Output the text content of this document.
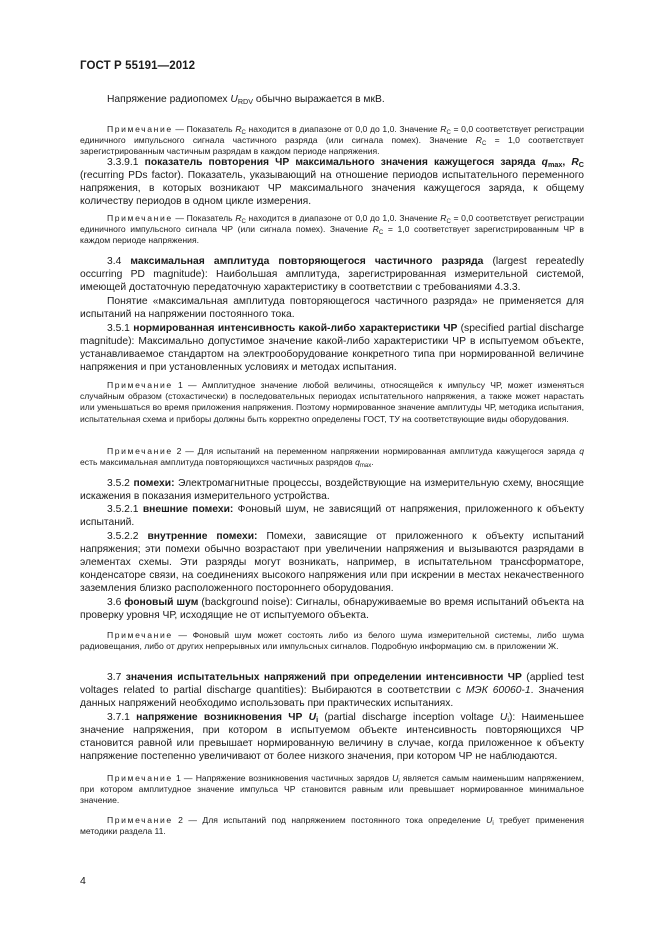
ГОСТ Р 55191—2012
Напряжение радиопомех $U_{RDV}$ обычно выражается в мкВ.
Примечание — Показатель $R_C$ находится в диапазоне от 0,0 до 1,0. Значение $R_C = 0,0$ соответствует регистрации единичного импульсного сигнала частичного разряда (или сигнала помех). Значение $R_C = 1,0$ соответствует зарегистрированным частичным разрядам в каждом периоде напряжения.
3.3.9.1 показатель повторения ЧР максимального значения кажущегося заряда $q_{max}$, $R_C$ (recurring PDs factor). Показатель, указывающий на отношение периодов испытательного переменного напряжения, в которых возникают ЧР максимального значения кажущегося заряда, к общему количеству периодов в одном цикле измерения.
Примечание — Показатель $R_C$ находится в диапазоне от 0,0 до 1,0. Значение $R_C = 0,0$ соответствует регистрации единичного импульсного сигнала ЧР (или сигнала помех). Значение $R_C = 1,0$ соответствует зарегистрированным ЧР в каждом периоде напряжения.
3.4 максимальная амплитуда повторяющегося частичного разряда (largest repeatedly occurring PD magnitude): Наибольшая амплитуда, зарегистрированная измерительной системой, имеющей достаточную передаточную характеристику в соответствии с требованиями 4.3.3.
Понятие «максимальная амплитуда повторяющегося частичного разряда» не применяется для испытаний на напряжении постоянного тока.
3.5.1 нормированная интенсивность какой-либо характеристики ЧР (specified partial discharge magnitude): Максимально допустимое значение какой-либо характеристики ЧР в испытуемом объекте, устанавливаемое стандартом на электрооборудование конкретного типа при нормированной величине напряжения и при установленных условиях и методах испытания.
Примечание 1 — Амплитудное значение любой величины, относящейся к импульсу ЧР, может изменяться случайным образом (стохастически) в последовательных периодах испытательного напряжения, а также может нарастать или уменьшаться во время приложения напряжения. Поэтому нормированное значение амплитуды ЧР, методика испытания, испытательная схема и приборы должны быть корректно определены ГОСТ, ТУ на соответствующие виды оборудования.
Примечание 2 — Для испытаний на переменном напряжении нормированная амплитуда кажущегося заряда q есть максимальная амплитуда повторяющихся частичных разрядов $q_{max}$.
3.5.2 помехи: Электромагнитные процессы, воздействующие на измерительную схему, вносящие искажения в показания измерительного устройства.
3.5.2.1 внешние помехи: Фоновый шум, не зависящий от напряжения, приложенного к объекту испытаний.
3.5.2.2 внутренние помехи: Помехи, зависящие от приложенного к объекту испытаний напряжения; эти помехи обычно возрастают при увеличении напряжения и вызываются разрядами в элементах схемы. Эти разряды могут возникать, например, в испытательном трансформаторе, конденсаторе связи, на соединениях высокого напряжения или при искрении в местах некачественного заземления близко расположенного постороннего оборудования.
3.6 фоновый шум (background noise): Сигналы, обнаруживаемые во время испытаний объекта на проверку уровня ЧР, исходящие не от испытуемого объекта.
Примечание — Фоновый шум может состоять либо из белого шума измерительной системы, либо шума радиовещания, либо от других непрерывных или импульсных сигналов. Подробную информацию см. в приложении Ж.
3.7 значения испытательных напряжений при определении интенсивности ЧР (applied test voltages related to partial discharge quantities): Выбираются в соответствии с МЭК 60060-1. Значения данных напряжений необходимо использовать при практических испытаниях.
3.7.1 напряжение возникновения ЧР $U_i$ (partial discharge inception voltage $U_i$): Наименьшее значение напряжения, при котором в испытуемом объекте интенсивность повторяющихся ЧР становится равной или превышает нормированную величину в случае, когда приложенное к объекту напряжение постепенно увеличивают от более низкого значения, при котором ЧР не наблюдаются.
Примечание 1 — Напряжение возникновения частичных зарядов $U_i$ является самым наименьшим напряжением, при котором амплитудное значение импульса ЧР становится равным или превышает нормированное минимальное значение.
Примечание 2 — Для испытаний под напряжением постоянного тока определение $U_i$ требует применения методики раздела 11.
4
